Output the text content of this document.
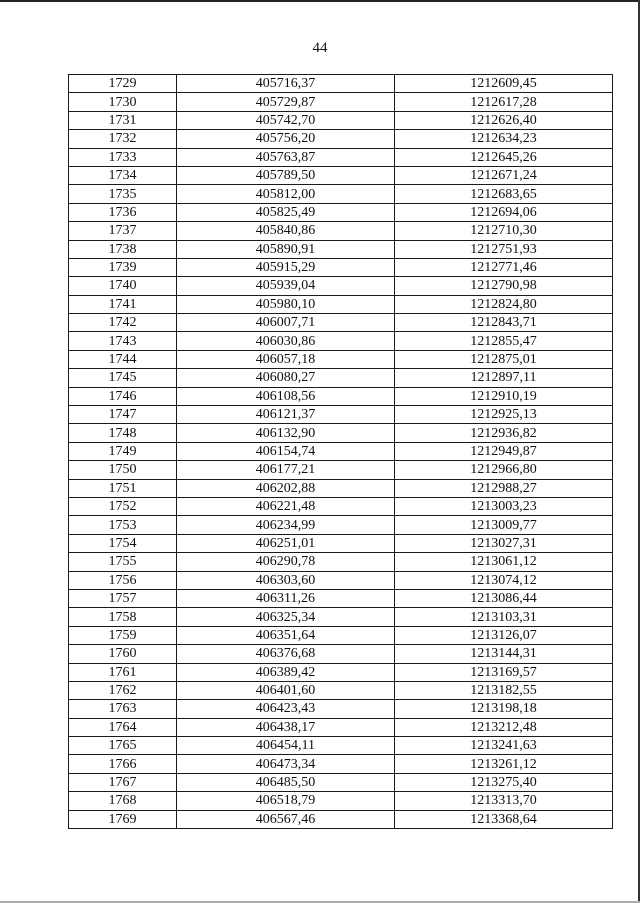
44
1729	405716,37	1212609,45
1730	405729,87	1212617,28
1731	405742,70	1212626,40
1732	405756,20	1212634,23
1733	405763,87	1212645,26
1734	405789,50	1212671,24
1735	405812,00	1212683,65
1736	405825,49	1212694,06
1737	405840,86	1212710,30
1738	405890,91	1212751,93
1739	405915,29	1212771,46
1740	405939,04	1212790,98
1741	405980,10	1212824,80
1742	406007,71	1212843,71
1743	406030,86	1212855,47
1744	406057,18	1212875,01
1745	406080,27	1212897,11
1746	406108,56	1212910,19
1747	406121,37	1212925,13
1748	406132,90	1212936,82
1749	406154,74	1212949,87
1750	406177,21	1212966,80
1751	406202,88	1212988,27
1752	406221,48	1213003,23
1753	406234,99	1213009,77
1754	406251,01	1213027,31
1755	406290,78	1213061,12
1756	406303,60	1213074,12
1757	406311,26	1213086,44
1758	406325,34	1213103,31
1759	406351,64	1213126,07
1760	406376,68	1213144,31
1761	406389,42	1213169,57
1762	406401,60	1213182,55
1763	406423,43	1213198,18
1764	406438,17	1213212,48
1765	406454,11	1213241,63
1766	406473,34	1213261,12
1767	406485,50	1213275,40
1768	406518,79	1213313,70
1769	406567,46	1213368,64
